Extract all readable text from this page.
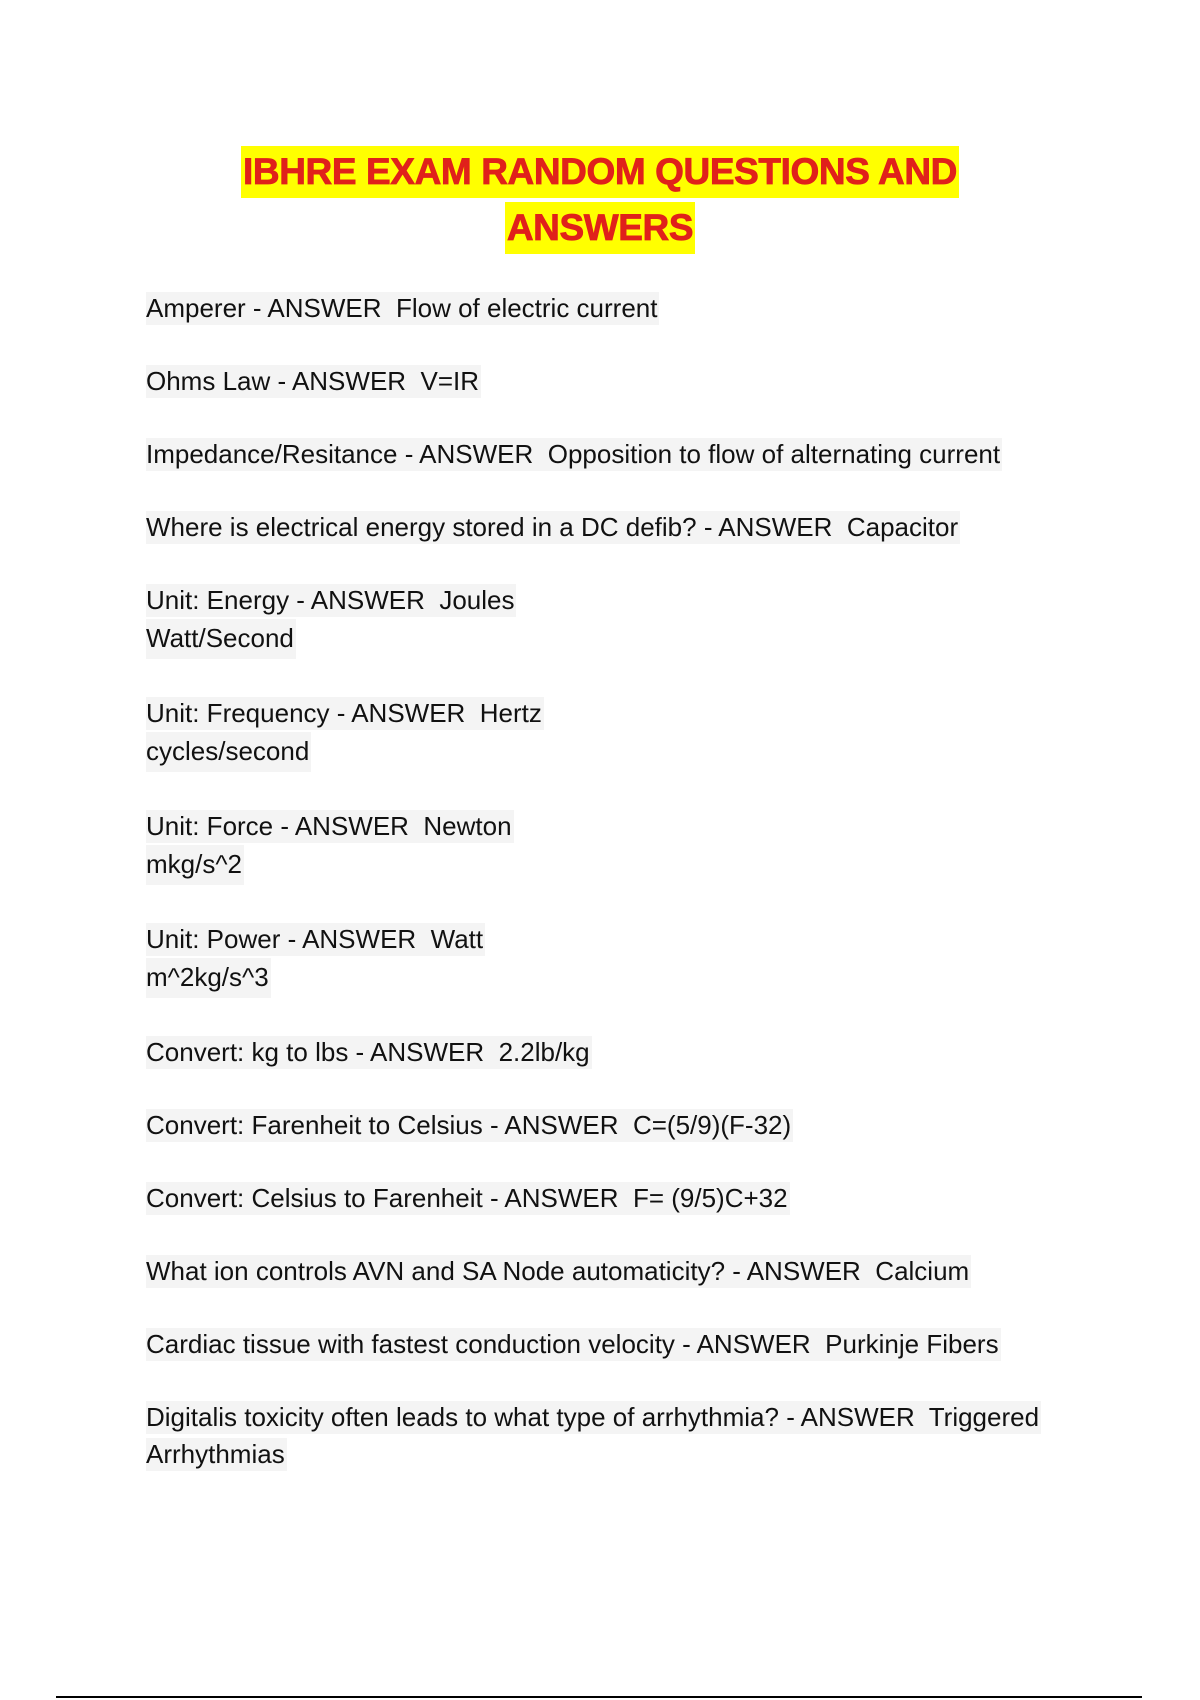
IBHRE EXAM RANDOM QUESTIONS AND
ANSWERS
Amperer - ANSWER Flow of electric current
Ohms Law - ANSWER V=IR
Impedance/Resitance - ANSWER Opposition to flow of alternating current
Where is electrical energy stored in a DC defib? - ANSWER Capacitor
Unit: Energy - ANSWER Joules
Watt/Second
Unit: Frequency - ANSWER Hertz
cycles/second
Unit: Force - ANSWER Newton
mkg/s^2
Unit: Power - ANSWER Watt
m^2kg/s^3
Convert: kg to lbs - ANSWER 2.2lb/kg
Convert: Farenheit to Celsius - ANSWER C=(5/9)(F-32)
Convert: Celsius to Farenheit - ANSWER F= (9/5)C+32
What ion controls AVN and SA Node automaticity? - ANSWER Calcium
Cardiac tissue with fastest conduction velocity - ANSWER Purkinje Fibers
Digitalis toxicity often leads to what type of arrhythmia? - ANSWER Triggered Arrhythmias
